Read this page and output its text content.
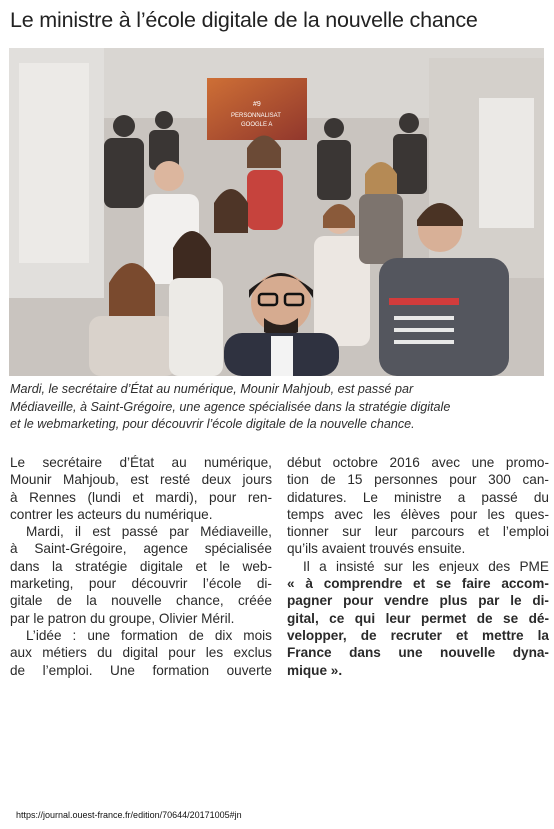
Le ministre à l’école digitale de la nouvelle chance
#9
PERSONNALISAT
GOOGLE A
Mardi, le secrétaire d’État au numérique, Mounir Mahjoub, est passé par
Médiaveille, à Saint-Grégoire, une agence spécialisée dans la stratégie digitale
et le webmarketing, pour découvrir l’école digitale de la nouvelle chance.
Le secrétaire d’État au numérique,
Mounir Mahjoub, est resté deux jours
à Rennes (lundi et mardi), pour ren-
contrer les acteurs du numérique.
Mardi, il est passé par Médiaveille,
à Saint-Grégoire, agence spécialisée
dans la stratégie digitale et le web-
marketing, pour découvrir l’école di-
gitale de la nouvelle chance, créée
par le patron du groupe, Olivier Méril.
L’idée : une formation de dix mois
aux métiers du digital pour les exclus
de l’emploi. Une formation ouverte
début octobre 2016 avec une promo-
tion de 15 personnes pour 300 can-
didatures. Le ministre a passé du
temps avec les élèves pour les ques-
tionner sur leur parcours et l’emploi
qu’ils avaient trouvés ensuite.
Il a insisté sur les enjeux des PME
« à comprendre et se faire accom-
pagner pour vendre plus par le di-
gital, ce qui leur permet de se dé-
velopper, de recruter et mettre la
France dans une nouvelle dyna-
mique ».
https://journal.ouest-france.fr/edition/70644/20171005#jn
